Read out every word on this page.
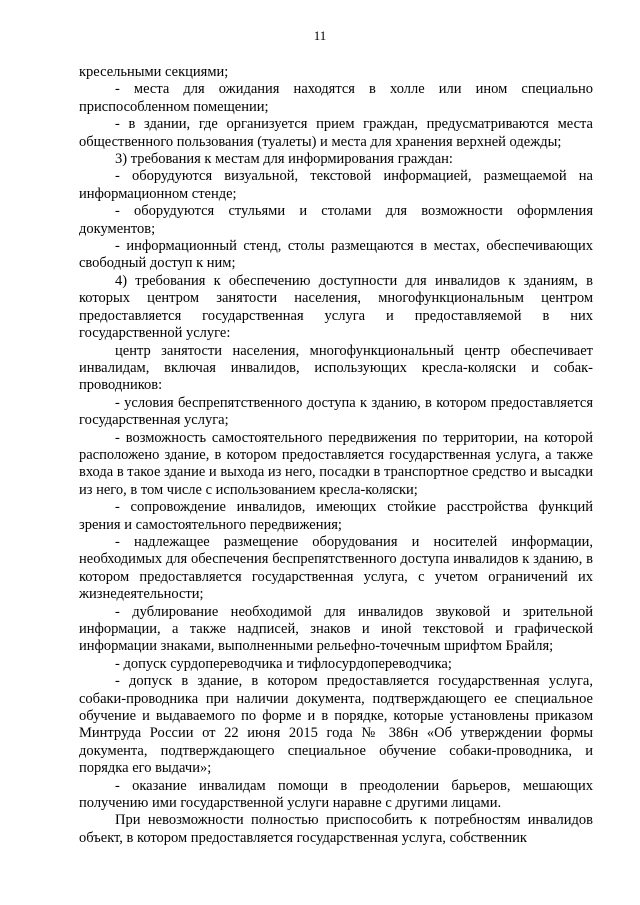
11

кресельными секциями;

- места для ожидания находятся в холле или ином специально приспособленном помещении;

- в здании, где организуется прием граждан, предусматриваются места общественного пользования (туалеты) и места для хранения верхней одежды;

3) требования к местам для информирования граждан:

- оборудуются визуальной, текстовой информацией, размещаемой на информационном стенде;

- оборудуются стульями и столами для возможности оформления документов;

- информационный стенд, столы размещаются в местах, обеспечивающих свободный доступ к ним;

4) требования к обеспечению доступности для инвалидов к зданиям, в которых центром занятости населения, многофункциональным центром предоставляется государственная услуга и предоставляемой в них государственной услуге:

центр занятости населения, многофункциональный центр обеспечивает инвалидам, включая инвалидов, использующих кресла-коляски и собак-проводников:

- условия беспрепятственного доступа к зданию, в котором предоставляется государственная услуга;

- возможность самостоятельного передвижения по территории, на которой расположено здание, в котором предоставляется государственная услуга, а также входа в такое здание и выхода из него, посадки в транспортное средство и высадки из него, в том числе с использованием кресла-коляски;

- сопровождение инвалидов, имеющих стойкие расстройства функций зрения и самостоятельного передвижения;

- надлежащее размещение оборудования и носителей информации, необходимых для обеспечения беспрепятственного доступа инвалидов к зданию, в котором предоставляется государственная услуга, с учетом ограничений их жизнедеятельности;

- дублирование необходимой для инвалидов звуковой и зрительной информации, а также надписей, знаков и иной текстовой и графической информации знаками, выполненными рельефно-точечным шрифтом Брайля;

- допуск сурдопереводчика и тифлосурдопереводчика;

- допуск в здание, в котором предоставляется государственная услуга, собаки-проводника при наличии документа, подтверждающего ее специальное обучение и выдаваемого по форме и в порядке, которые установлены приказом Минтруда России от 22 июня 2015 года № 386н «Об утверждении формы документа, подтверждающего специальное обучение собаки-проводника, и порядка его выдачи»;

- оказание инвалидам помощи в преодолении барьеров, мешающих получению ими государственной услуги наравне с другими лицами.

При невозможности полностью приспособить к потребностям инвалидов объект, в котором предоставляется государственная услуга, собственник
